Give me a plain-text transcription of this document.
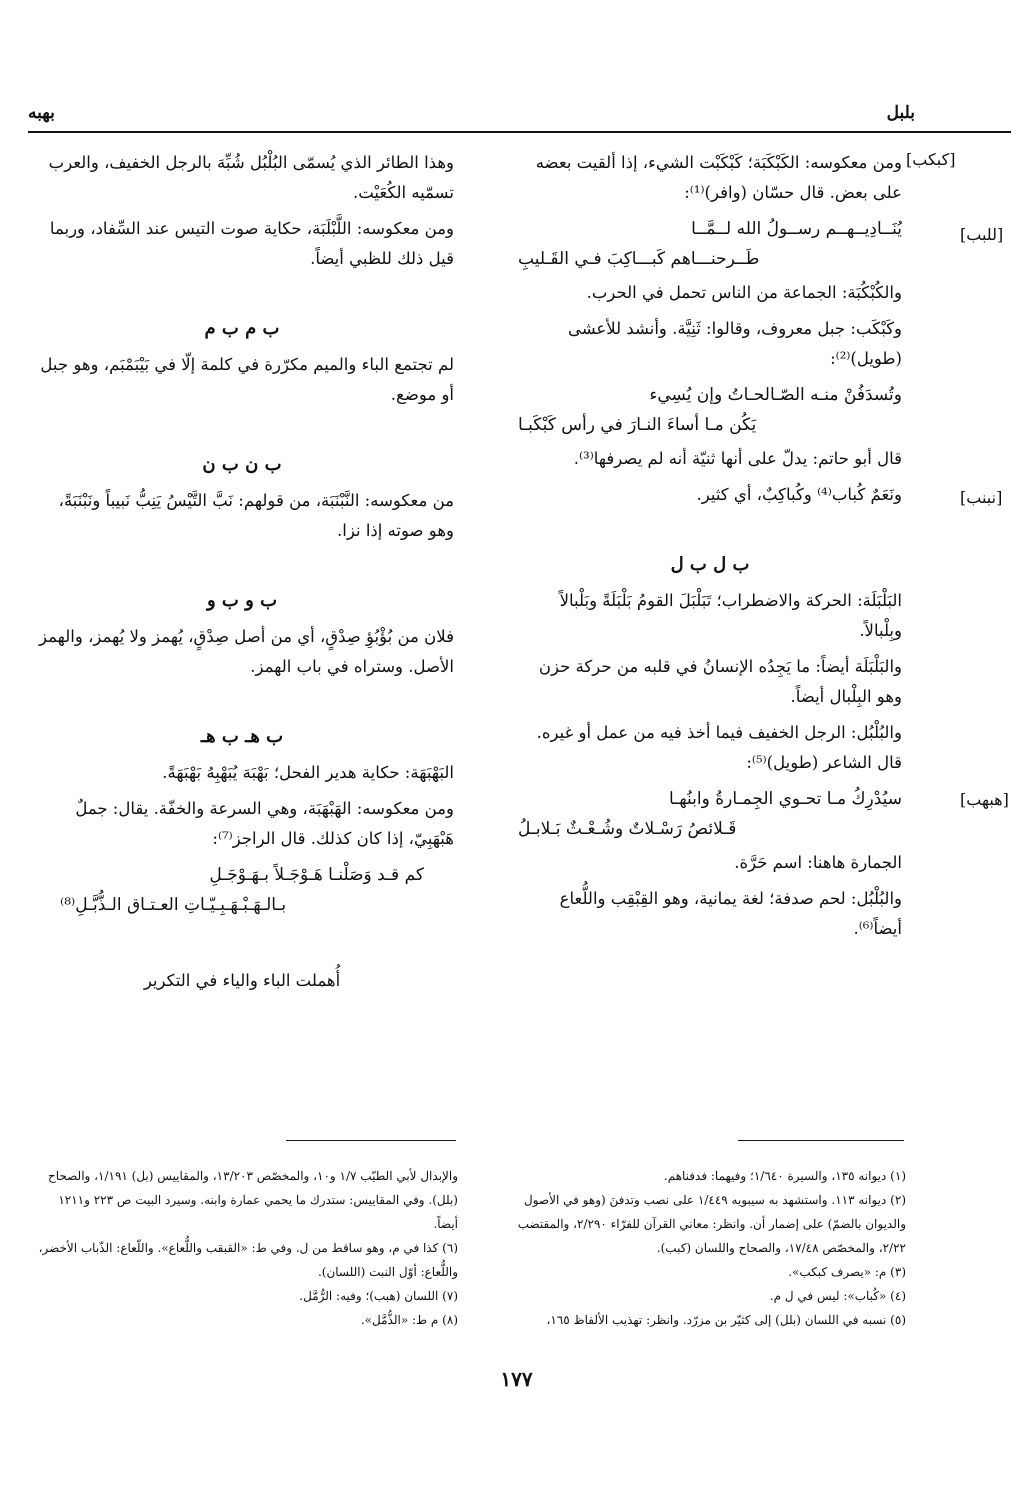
بلبل
بهبه
[كبكب]
[للبب]
[نبنب]
[هبهب]

ومن معكوسه: الكَبْكَبَة؛ كَبْكَبْت الشيء، إذا ألقيت بعضه على بعض. قال حسّان (وافر)⁽¹⁾:

يُنَــادِيــهــم رســولُ الله لــمَّــا
طَــرحنـــاهم كَبـــاكِبَ فـي القَـليبِ

والكُبْكُبَة: الجماعة من الناس تحمل في الحرب.

وكَبْكَب: جبل معروف، وقالوا: ثَنِيَّة. وأنشد للأعشى (طويل)⁽²⁾:

وتُسدَفُنْ منـه الصّـالحـاتُ وإن يُسِيء
يَكُن مـا أساءَ النـارَ في رأس كَبْكَبـا

قال أبو حاتم: يدلّ على أنها ثنيّة أنه لم يصرفها⁽³⁾.

ونَعَمٌ كُباب⁽⁴⁾ وكُباكِبٌ، أي كثير.

ب ل ب ل

البَلْبَلَة: الحركة والاضطراب؛ تَبَلْبَلَ القومُ بَلْبَلَةً وبَلْبالاً وبِلْبالاً.

والبَلْبَلَة أيضاً: ما يَجِدُه الإنسانُ في قلبه من حركة حزن وهو البِلْبال أيضاً.

والبُلْبُل: الرجل الخفيف فيما أخذ فيه من عمل أو غيره. قال الشاعر (طويل)⁽⁵⁾:

سيُدْرِكُ مـا تحـوي الجِمـارةُ وابنُهـا
قَـلائصُ رَسْـلاتٌ وشُـعْـثٌ بَـلابـلُ

الجمارة هاهنا: اسم حَرَّة.

والبُلْبُل: لحم صدفة؛ لغة يمانية، وهو القِبْقِب واللُّعاع أيضاً⁽⁶⁾.

وهذا الطائر الذي يُسمّى البُلْبُل شُبِّهَ بالرجل الخفيف، والعرب تسمّيه الكُعَيْت.

ومن معكوسه: اللَّبْلَبَة، حكاية صوت التيس عند السِّفاد، وربما قيل ذلك للظبي أيضاً.

ب م ب م

لم تجتمع الباء والميم مكرّرة في كلمة إلّا في بَيْبَمْبَم، وهو جبل أو موضع.

ب ن ب ن

من معكوسه: النَّبْنَبَة، من قولهم: نَبَّ التَّيْسُ يَنِبُّ نَبيباً ونَبْنَبَةً، وهو صوته إذا نزا.

ب و ب و

فلان من بُؤْبُؤِ صِدْقٍ، أي من أصل صِدْقٍ، يُهمز ولا يُهمز، والهمز الأصل. وستراه في باب الهمز.

ب هـ ب هـ

البَهْبَهَة: حكاية هدير الفحل؛ بَهْبَهَ يُبَهْبِهُ بَهْبَهَةً.

ومن معكوسه: الهَبْهَبَة، وهي السرعة والخفّة. يقال: جملٌ هَبْهَبِيّ، إذا كان كذلك. قال الراجز⁽⁷⁾:

كم قـد وَصَلْنـا هَـوْجَـلاً بـهَـوْجَـلِ
بـالـهَـبْـهَـبِـيّـاتِ العـتـاق الـذُّبَّـلِ⁽⁸⁾

أُهملت الباء والياء في التكرير

(١) ديوانه ١٣٥، والسيرة ١/٦٤٠؛ وفيهما: فدفناهم.

(٢) ديوانه ١١٣. واستشهد به سيبويه ١/٤٤٩ على نصب وتدفنَ (وهو في الأصول والديوان بالضمّ) على إضمار أن. وانظر: معاني القرآن للفرّاء ٢/٢٩٠، والمقتضب ٢/٢٢، والمخصّص ١٧/٤٨، والصحاح واللسان (كبب).

(٣) م: «يصرف كبكب».

(٤) «كُباب»: ليس في ل م.

(٥) نسبه في اللسان (بلل) إلى كثيّر بن مزرّد. وانظر: تهذيب الألفاظ ١٦٥،

والإبدال لأبي الطيّب ١/٧ و١٠، والمخصّص ١٣/٢٠٣، والمقاييس (بل) ١/١٩١، والصحاح (بلل). وفي المقاييس: ستدرك ما يحمي عمارة وابنه. وسيرد البيت ص ٢٢٣ و١٢١١ أيضاً.

(٦) كذا في م، وهو ساقط من ل. وفي ط: «القبقب واللُّعاع». واللّعاع: الذّباب الأخضر، واللُّعاع: أوّل النبت (اللسان).

(٧) اللسان (هبب)؛ وفيه: الرُّمَّل.

(٨) م ط: «الذُّمَّل».

١٧٧
